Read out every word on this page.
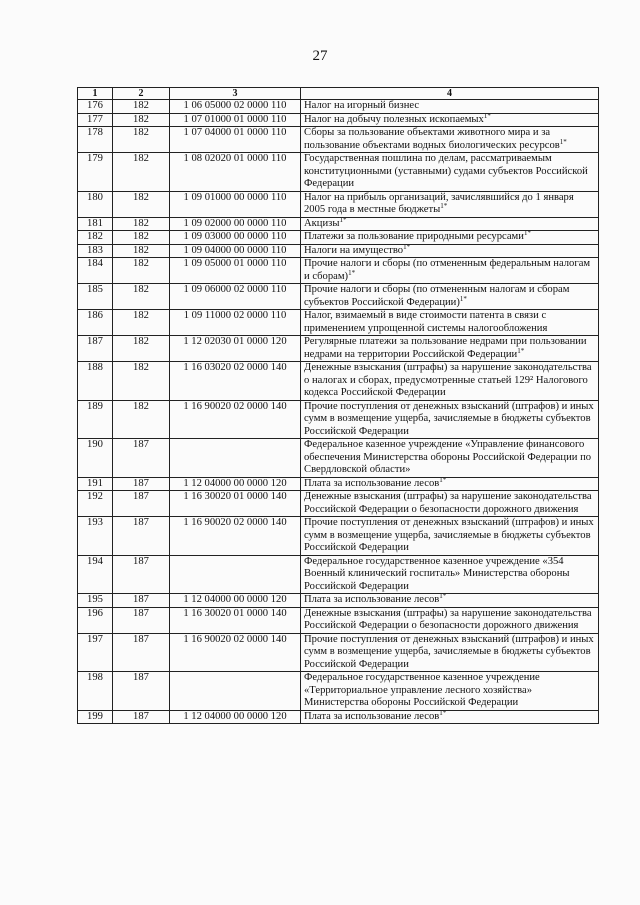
27
1	2	3	4
176	182	1 06 05000 02 0000 110	Налог на игорный бизнес
177	182	1 07 01000 01 0000 110	Налог на добычу полезных ископаемых$^{1*}$
178	182	1 07 04000 01 0000 110	Сборы за пользование объектами животного мира и за пользование объектами водных биологических ресурсов$^{1*}$
179	182	1 08 02020 01 0000 110	Государственная пошлина по делам, рассматриваемым конституционными (уставными) судами субъектов Российской Федерации
180	182	1 09 01000 00 0000 110	Налог на прибыль организаций, зачислявшийся до 1 января 2005 года в местные бюджеты$^{1*}$
181	182	1 09 02000 00 0000 110	Акцизы$^{1*}$
182	182	1 09 03000 00 0000 110	Платежи за пользование природными ресурсами$^{1*}$
183	182	1 09 04000 00 0000 110	Налоги на имущество$^{1*}$
184	182	1 09 05000 01 0000 110	Прочие налоги и сборы (по отмененным федеральным налогам и сборам)$^{1*}$
185	182	1 09 06000 02 0000 110	Прочие налоги и сборы (по отмененным налогам и сборам субъектов Российской Федерации)$^{1*}$
186	182	1 09 11000 02 0000 110	Налог, взимаемый в виде стоимости патента в связи с применением упрощенной системы налогообложения
187	182	1 12 02030 01 0000 120	Регулярные платежи за пользование недрами при пользовании недрами на территории Российской Федерации$^{1*}$
188	182	1 16 03020 02 0000 140	Денежные взыскания (штрафы) за нарушение законодательства о налогах и сборах, предусмотренные статьей 129² Налогового кодекса Российской Федерации
189	182	1 16 90020 02 0000 140	Прочие поступления от денежных взысканий (штрафов) и иных сумм в возмещение ущерба, зачисляемые в бюджеты субъектов Российской Федерации
190	187		Федеральное казенное учреждение «Управление финансового обеспечения Министерства обороны Российской Федерации по Свердловской области»
191	187	1 12 04000 00 0000 120	Плата за использование лесов$^{1*}$
192	187	1 16 30020 01 0000 140	Денежные взыскания (штрафы) за нарушение законодательства Российской Федерации о безопасности дорожного движения
193	187	1 16 90020 02 0000 140	Прочие поступления от денежных взысканий (штрафов) и иных сумм в возмещение ущерба, зачисляемые в бюджеты субъектов Российской Федерации
194	187		Федеральное государственное казенное учреждение «354 Военный клинический госпиталь» Министерства обороны Российской Федерации
195	187	1 12 04000 00 0000 120	Плата за использование лесов$^{1*}$
196	187	1 16 30020 01 0000 140	Денежные взыскания (штрафы) за нарушение законодательства Российской Федерации о безопасности дорожного движения
197	187	1 16 90020 02 0000 140	Прочие поступления от денежных взысканий (штрафов) и иных сумм в возмещение ущерба, зачисляемые в бюджеты субъектов Российской Федерации
198	187		Федеральное государственное казенное учреждение «Территориальное управление лесного хозяйства» Министерства обороны Российской Федерации
199	187	1 12 04000 00 0000 120	Плата за использование лесов$^{1*}$
